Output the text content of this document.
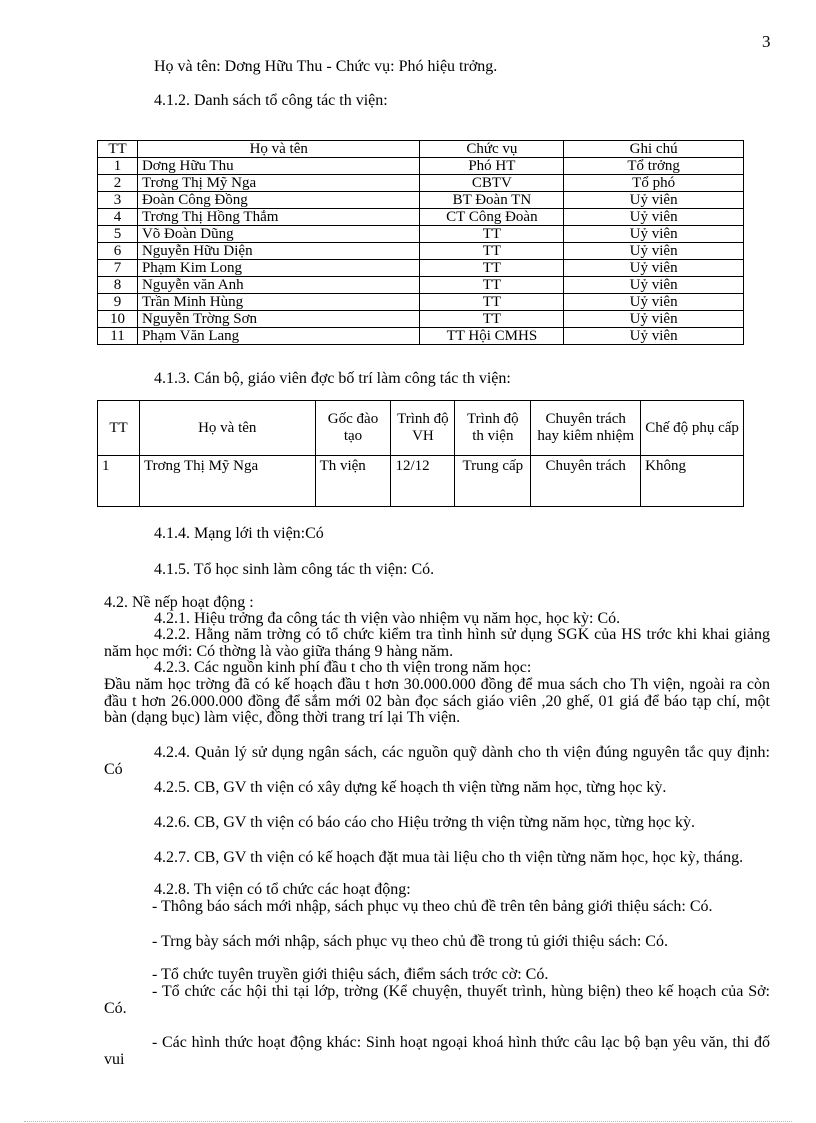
3
Họ và tên: Dơng Hữu Thu - Chức vụ: Phó hiệu trởng.
4.1.2. Danh sách tổ công tác th viện:
TT	Họ và tên	Chức vụ	Ghi chú
1	Dơng Hữu Thu	Phó HT	Tổ trởng
2	Trơng Thị Mỹ Nga	CBTV	Tổ phó
3	Đoàn Công Đồng	BT Đoàn TN	Uỷ viên
4	Trơng Thị Hồng Thắm	CT Công Đoàn	Uỷ viên
5	Võ Đoàn Dũng	TT	Uỷ viên
6	Nguyễn Hữu Diện	TT	Uỷ viên
7	Phạm Kim Long	TT	Uỷ viên
8	Nguyễn văn Anh	TT	Uỷ viên
9	Trần Minh Hùng	TT	Uỷ viên
10	Nguyễn Trờng Sơn	TT	Uỷ viên
11	Phạm Văn Lang	TT Hội CMHS	Uỷ viên
4.1.3. Cán bộ, giáo viên đợc bố trí làm công tác th viện:
TT	Họ và tên	Gốc đào tạo	Trình độ VH	Trình độ th viện	Chuyên trách hay kiêm nhiệm	Chế độ phụ cấp
1	Trơng Thị Mỹ Nga	Th viện	12/12	Trung cấp	Chuyên trách	Không
4.1.4. Mạng lới th viện:Có
4.1.5. Tổ học sinh làm công tác th viện: Có.
4.2. Nề nếp hoạt động :
4.2.1. Hiệu trởng đa công tác th viện vào nhiệm vụ năm học, học kỳ: Có.
4.2.2. Hằng năm trờng có tổ chức kiểm tra tình hình sử dụng SGK của HS trớc khi khai giảng năm học mới: Có thờng là vào giữa tháng 9 hàng năm.
4.2.3. Các nguồn kinh phí đầu t cho th viện trong năm học:
Đầu năm học trờng đã có kế hoạch đầu t hơn 30.000.000 đồng để mua sách cho Th viện, ngoài ra còn đầu t hơn 26.000.000 đồng để sắm mới 02 bàn đọc sách giáo viên ,20 ghế, 01 giá để báo tạp chí, một bàn (dạng bục) làm việc, đồng thời trang trí lại Th viện.
4.2.4. Quản lý sử dụng ngân sách, các nguồn quỹ dành cho th viện đúng nguyên tắc quy định: Có
4.2.5. CB, GV th viện có xây dựng kế hoạch th viện từng năm học, từng học kỳ.
4.2.6. CB, GV th viện có báo cáo cho Hiệu trởng th viện từng năm học, từng học kỳ.
4.2.7. CB, GV th viện có kế hoạch đặt mua tài liệu cho th viện từng năm học, học kỳ, tháng.
4.2.8. Th viện có tổ chức các hoạt động:
- Thông báo sách mới nhập, sách phục vụ theo chủ đề trên tên bảng giới thiệu sách: Có.
- Trng bày sách mới nhập, sách phục vụ theo chủ đề trong tủ giới thiệu sách: Có.
- Tổ chức tuyên truyền giới thiệu sách, điểm sách trớc cờ: Có.
- Tổ chức các hội thi tại lớp, trờng (Kể chuyện, thuyết trình, hùng biện) theo kế hoạch của Sở: Có.
- Các hình thức hoạt động khác: Sinh hoạt ngoại khoá hình thức câu lạc bộ bạn yêu văn, thi đố vui
